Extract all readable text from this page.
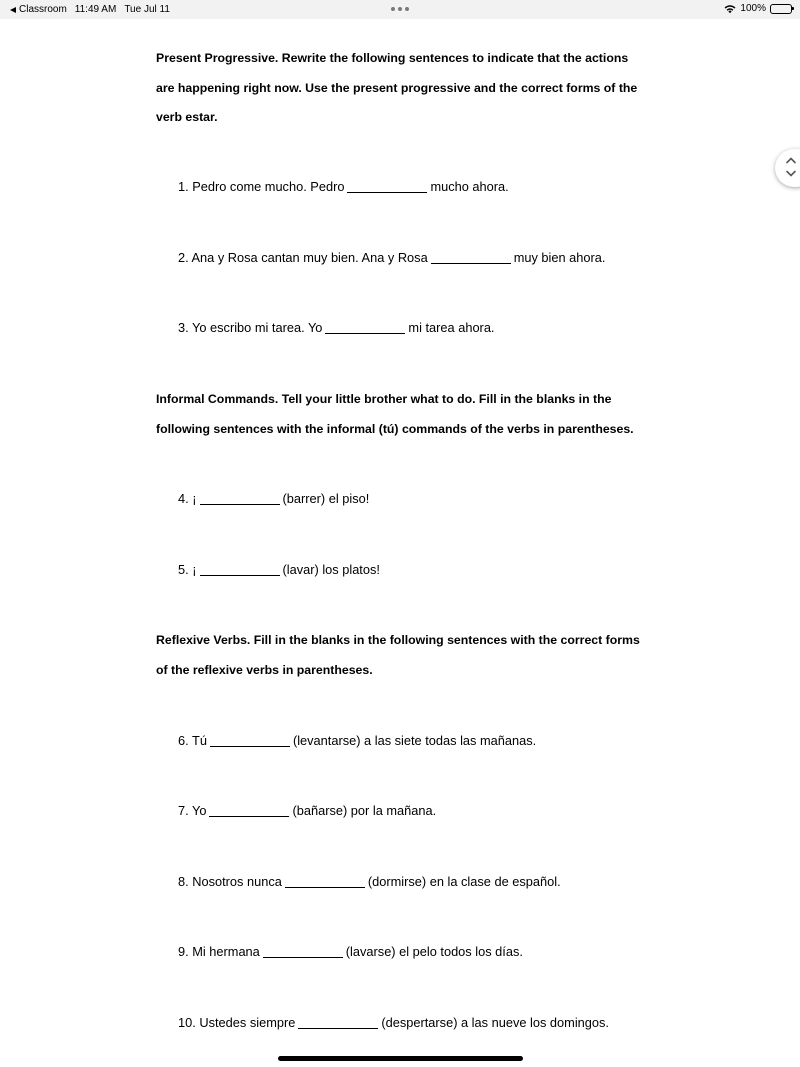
Classroom 11:49 AM Tue Jul 11	100%
Present Progressive. Rewrite the following sentences to indicate that the actions
are happening right now. Use the present progressive and the correct forms of the
verb estar.
1. Pedro come mucho. Pedro	mucho ahora.
2. Ana y Rosa cantan muy bien. Ana y Rosa	muy bien ahora.
3. Yo escribo mi tarea. Yo	mi tarea ahora.
Informal Commands. Tell your little brother what to do. Fill in the blanks in the
following sentences with the informal (tú) commands of the verbs in parentheses.
4. ¡	(barrer) el piso!
5. ¡	(lavar) los platos!
Reflexive Verbs. Fill in the blanks in the following sentences with the correct forms
of the reflexive verbs in parentheses.
6. Tú	(levantarse) a las siete todas las mañanas.
7. Yo	(bañarse) por la mañana.
8. Nosotros nunca	(dormirse) en la clase de español.
9. Mi hermana	(lavarse) el pelo todos los días.
10. Ustedes siempre	(despertarse) a las nueve los domingos.
